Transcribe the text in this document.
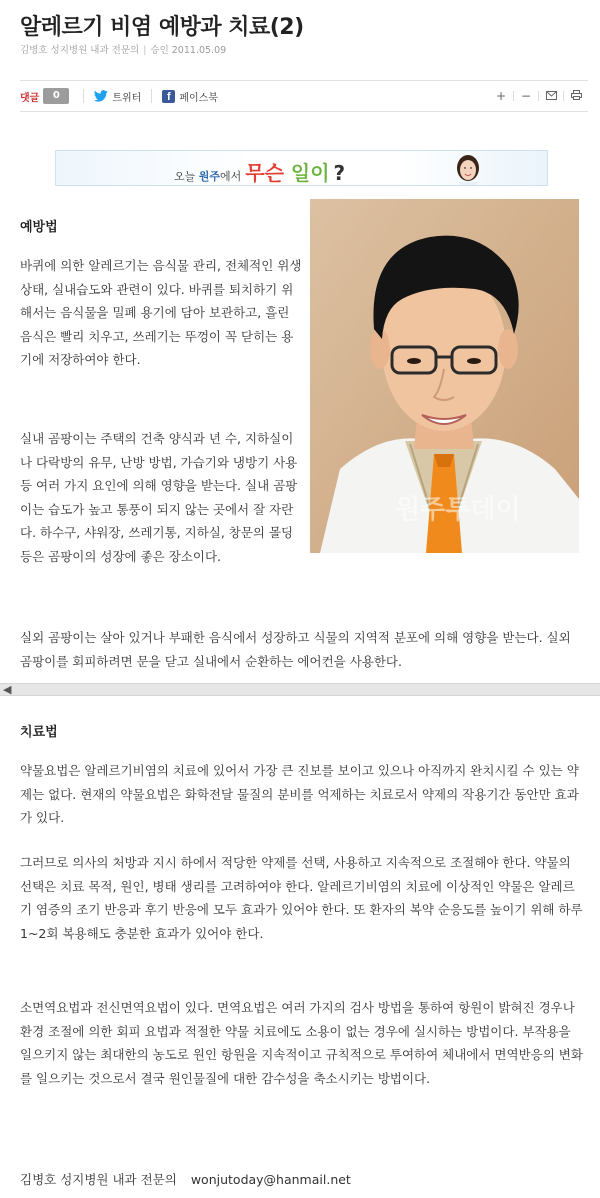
알레르기 비염 예방과 치료(2)
김병호 성지병원 내과 전문의 | 승인 2011.05.09
댓글	0	트위터	f 페이스북	+	−
오늘 원주에서 무슨 일이 ?
원주투데이
예방법

바퀴에 의한 알레르기는 음식물 관리, 전체적인 위생 상태, 실내습도와 관련이 있다. 바퀴를 퇴치하기 위해서는 음식물을 밀폐 용기에 담아 보관하고, 흘린 음식은 빨리 치우고, 쓰레기는 뚜껑이 꼭 닫히는 용기에 저장하여야 한다.

실내 곰팡이는 주택의 건축 양식과 년 수, 지하실이나 다락방의 유무, 난방 방법, 가습기와 냉방기 사용 등 여러 가지 요인에 의해 영향을 받는다. 실내 곰팡이는 습도가 높고 통풍이 되지 않는 곳에서 잘 자란다. 하수구, 샤워장, 쓰레기통, 지하실, 창문의 몰딩 등은 곰팡이의 성장에 좋은 장소이다.

실외 곰팡이는 살아 있거나 부패한 음식에서 성장하고 식물의 지역적 분포에 의해 영향을 받는다. 실외 곰팡이를 회피하려면 문을 닫고 실내에서 순환하는 에어컨을 사용한다.

◀
치료법

약물요법은 알레르기비염의 치료에 있어서 가장 큰 진보를 보이고 있으나 아직까지 완치시킬 수 있는 약제는 없다. 현재의 약물요법은 화학전달 물질의 분비를 억제하는 치료로서 약제의 작용기간 동안만 효과가 있다.

그러므로 의사의 처방과 지시 하에서 적당한 약제를 선택, 사용하고 지속적으로 조절해야 한다. 약물의 선택은 치료 목적, 원인, 병태 생리를 고려하여야 한다. 알레르기비염의 치료에 이상적인 약물은 알레르기 염증의 조기 반응과 후기 반응에 모두 효과가 있어야 한다. 또 환자의 복약 순응도를 높이기 위해 하루 1~2회 복용해도 충분한 효과가 있어야 한다.

소면역요법과 전신면역요법이 있다. 면역요법은 여러 가지의 검사 방법을 통하여 항원이 밝혀진 경우나 환경 조절에 의한 회피 요법과 적절한 약물 치료에도 소용이 없는 경우에 실시하는 방법이다. 부작용을 일으키지 않는 최대한의 농도로 원인 항원을 지속적이고 규칙적으로 투여하여 체내에서 면역반응의 변화를 일으키는 것으로서 결국 원인물질에 대한 감수성을 축소시키는 방법이다.

김병호 성지병원 내과 전문의 wonjutoday@hanmail.net
